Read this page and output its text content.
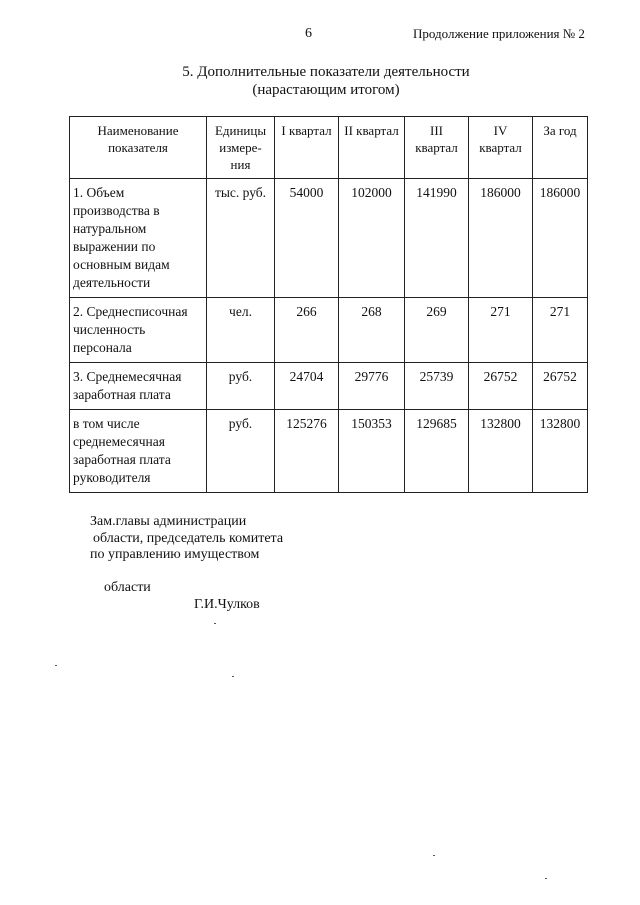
6	Продолжение приложения № 2
5. Дополнительные показатели деятельности
(нарастающим итогом)
Наименование показателя	Единицы измере-ния	I квартал	II квартал	III квартал	IV квартал	За год
1. Объем производства в натуральном выражении по основным видам деятельности	тыс. руб.	54000	102000	141990	186000	186000
2. Среднесписочная численность персонала	чел.	266	268	269	271	271
3. Среднемесячная заработная плата	руб.	24704	29776	25739	26752	26752
в том числе среднемесячная заработная плата руководителя	руб.	125276	150353	129685	132800	132800
Зам.главы администрации
области, председатель комитета
по управлению имуществом

области

Г.И.Чулков
